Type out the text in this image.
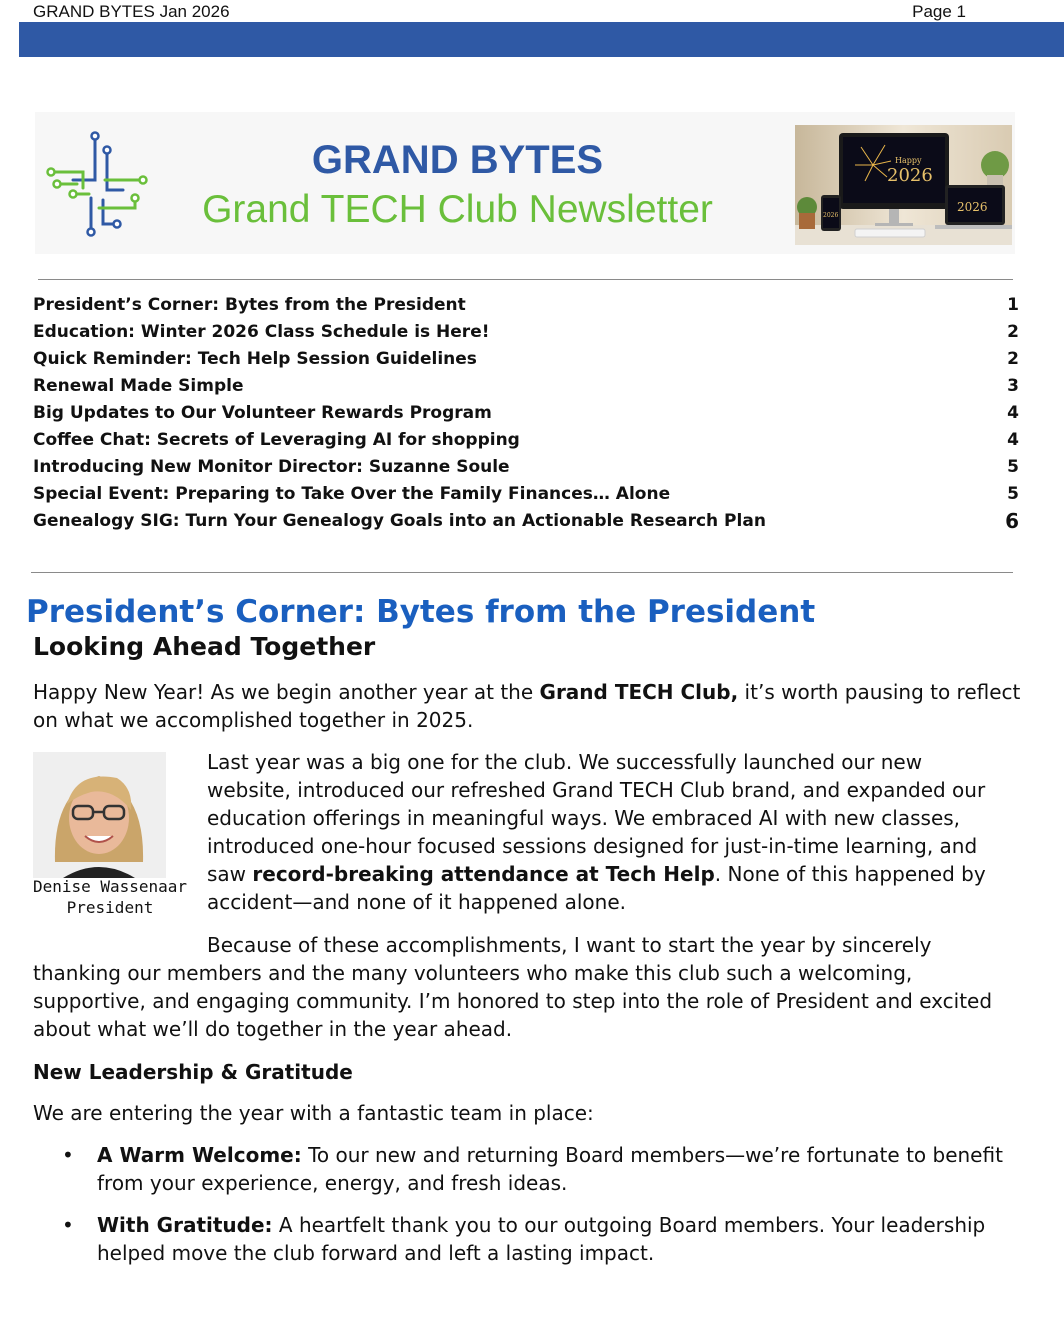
GRAND BYTES Jan 2026	Page 1
GRAND BYTES
Grand TECH Club Newsletter
Happy
2026
2026
2026
President’s Corner: Bytes from the President	1
Education: Winter 2026 Class Schedule is Here!	2
Quick Reminder: Tech Help Session Guidelines	2
Renewal Made Simple	3
Big Updates to Our Volunteer Rewards Program	4
Coffee Chat: Secrets of Leveraging AI for shopping	4
Introducing New Monitor Director: Suzanne Soule	5
Special Event: Preparing to Take Over the Family Finances… Alone	5
Genealogy SIG: Turn Your Genealogy Goals into an Actionable Research Plan	6
President’s Corner: Bytes from the President
Looking Ahead Together

Happy New Year! As we begin another year at the Grand TECH Club, it’s worth pausing to reflect on what we accomplished together in 2025.

Denise Wassenaar
President

Last year was a big one for the club. We successfully launched our new website, introduced our refreshed Grand TECH Club brand, and expanded our education offerings in meaningful ways. We embraced AI with new classes, introduced one-hour focused sessions designed for just-in-time learning, and saw record-breaking attendance at Tech Help. None of this happened by accident—and none of it happened alone.

Because of these accomplishments, I want to start the year by sincerely thanking our members and the many volunteers who make this club such a welcoming, supportive, and engaging community. I’m honored to step into the role of President and excited about what we’ll do together in the year ahead.

New Leadership & Gratitude

We are entering the year with a fantastic team in place:

• A Warm Welcome: To our new and returning Board members—we’re fortunate to benefit from your experience, energy, and fresh ideas.
• With Gratitude: A heartfelt thank you to our outgoing Board members. Your leadership helped move the club forward and left a lasting impact.
